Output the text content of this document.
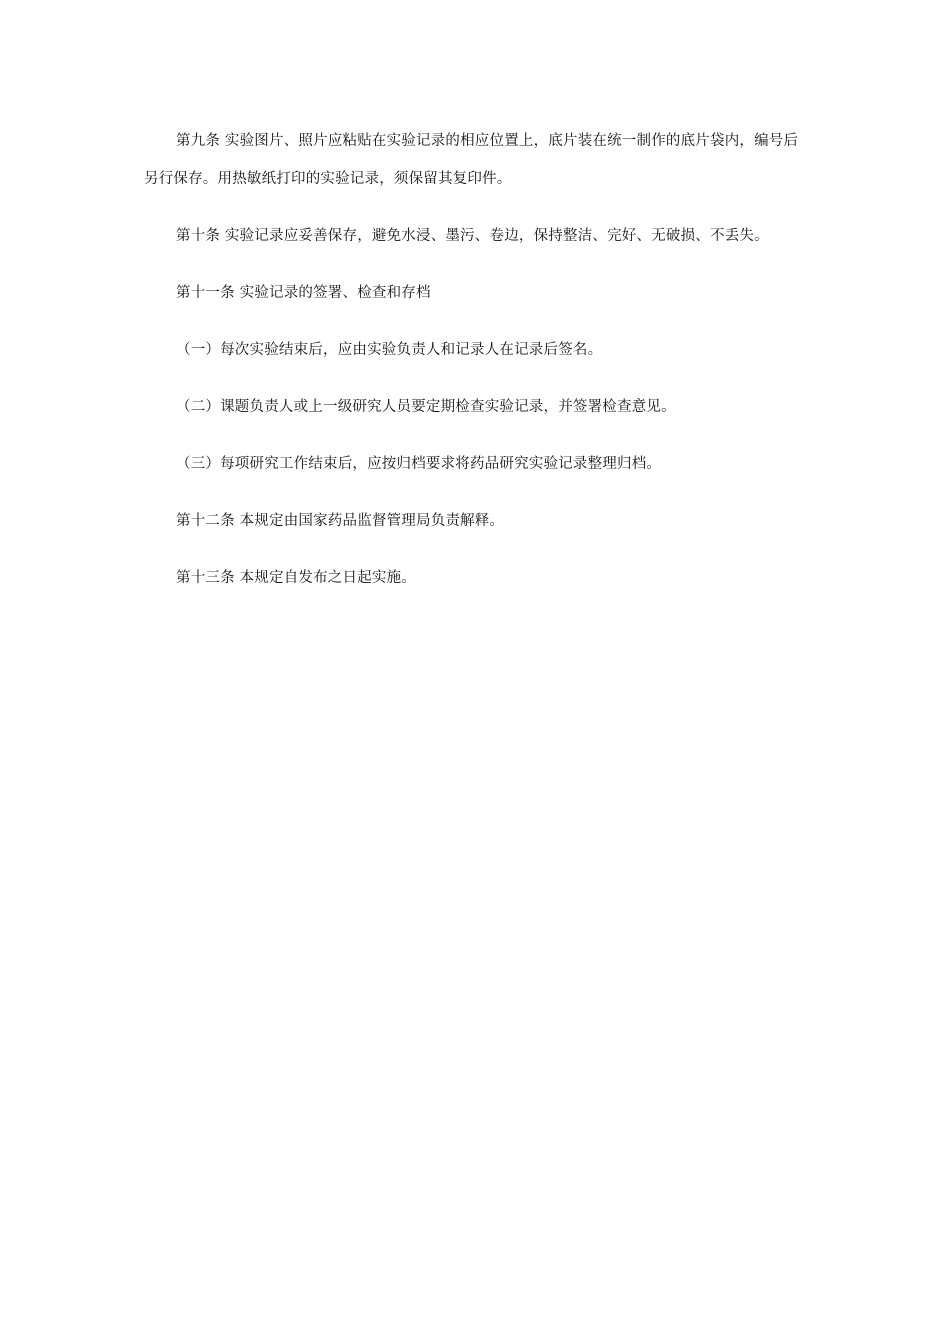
第九条 实验图片、照片应粘贴在实验记录的相应位置上，底片装在统一制作的底片袋内，编号后另行保存。用热敏纸打印的实验记录，须保留其复印件。

第十条 实验记录应妥善保存，避免水浸、墨污、卷边，保持整洁、完好、无破损、不丢失。

第十一条 实验记录的签署、检查和存档

（一）每次实验结束后，应由实验负责人和记录人在记录后签名。

（二）课题负责人或上一级研究人员要定期检查实验记录，并签署检查意见。

（三）每项研究工作结束后，应按归档要求将药品研究实验记录整理归档。

第十二条 本规定由国家药品监督管理局负责解释。

第十三条 本规定自发布之日起实施。
